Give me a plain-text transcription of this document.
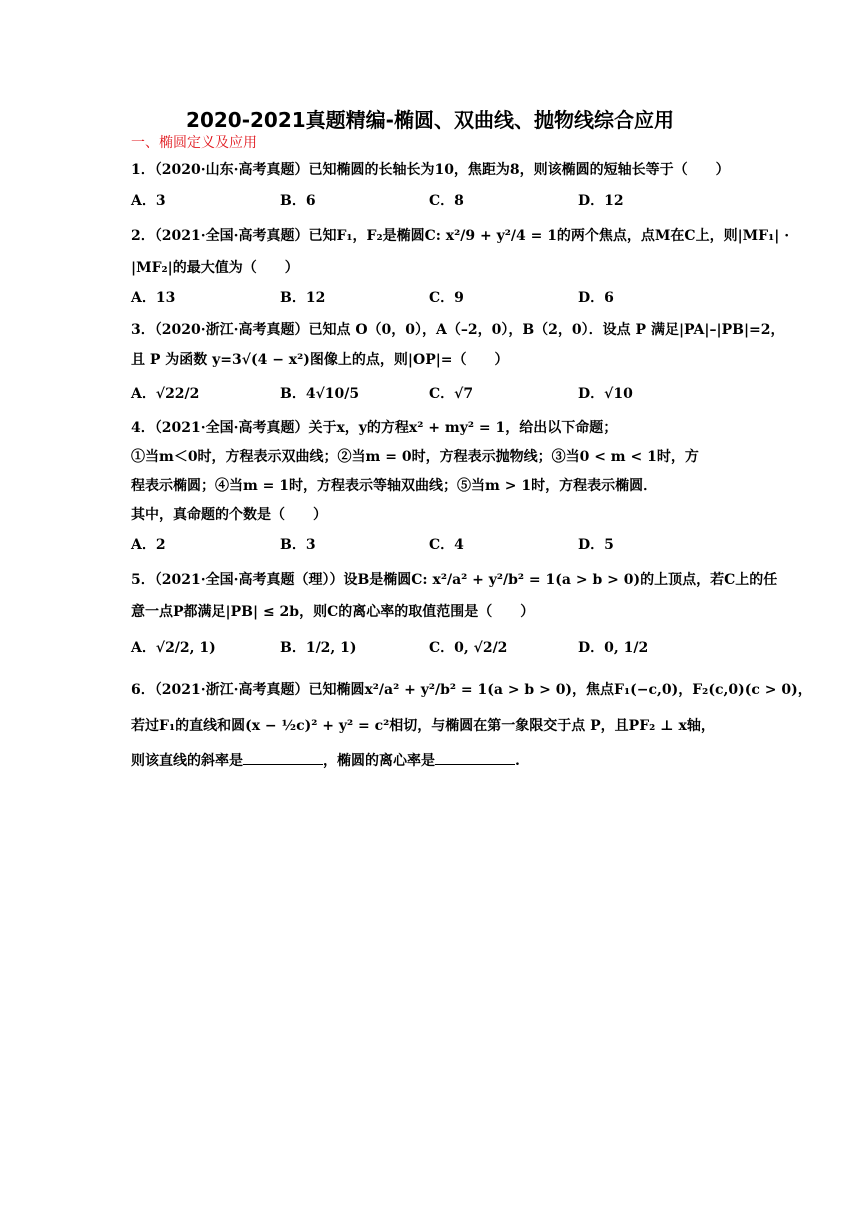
2020-2021真题精编-椭圆、双曲线、抛物线综合应用
一、椭圆定义及应用
1．（2020·山东·高考真题）已知椭圆的长轴长为10，焦距为8，则该椭圆的短轴长等于（　　）
A．3	B．6	C．8	D．12
2．（2021·全国·高考真题）已知F₁，F₂是椭圆C: x²/9 + y²/4 = 1的两个焦点，点M在C上，则|MF₁| ·
|MF₂|的最大值为（　　）
A．13	B．12	C．9	D．6
3．（2020·浙江·高考真题）已知点 O（0，0），A（–2，0），B（2，0）．设点 P 满足|PA|–|PB|=2，
且 P 为函数 y=3√(4 − x²)图像上的点，则|OP|=（　　）
A．√22/2	B．4√10/5	C．√7	D．√10
4．（2021·全国·高考真题）关于x，y的方程x² + my² = 1，给出以下命题；
①当m＜0时，方程表示双曲线；②当m = 0时，方程表示抛物线；③当0 < m < 1时，方
程表示椭圆；④当m = 1时，方程表示等轴双曲线；⑤当m > 1时，方程表示椭圆．
其中，真命题的个数是（　　）
A．2	B．3	C．4	D．5
5．（2021·全国·高考真题（理））设B是椭圆C: x²/a² + y²/b² = 1(a > b > 0)的上顶点，若C上的任
意一点P都满足|PB| ≤ 2b，则C的离心率的取值范围是（　　）
A．√2/2, 1)	B．1/2, 1)	C．0, √2/2	D．0, 1/2
6．（2021·浙江·高考真题）已知椭圆x²/a² + y²/b² = 1(a > b > 0)，焦点F₁(−c,0)，F₂(c,0)(c > 0)，
若过F₁的直线和圆(x − ½c)² + y² = c²相切，与椭圆在第一象限交于点 P，且PF₂ ⊥ x轴，
则该直线的斜率是	，椭圆的离心率是	.
